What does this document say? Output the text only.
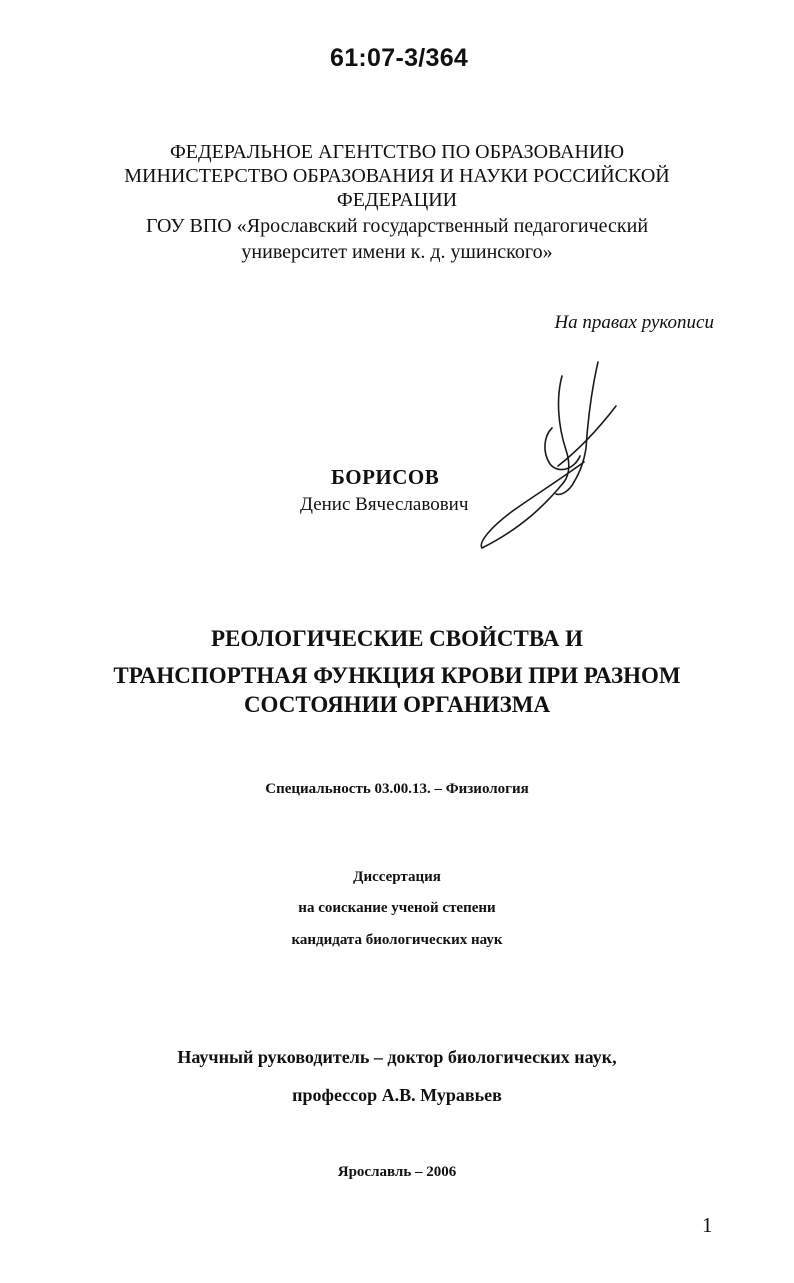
61:07-3/364
ФЕДЕРАЛЬНОЕ АГЕНТСТВО ПО ОБРАЗОВАНИЮ
МИНИСТЕРСТВО ОБРАЗОВАНИЯ И НАУКИ РОССИЙСКОЙ
ФЕДЕРАЦИИ
ГОУ ВПО «Ярославский государственный педагогический
университет имени к. д. ушинского»
На правах рукописи
БОРИСОВ
Денис Вячеславович
РЕОЛОГИЧЕСКИЕ СВОЙСТВА И
ТРАНСПОРТНАЯ ФУНКЦИЯ КРОВИ ПРИ РАЗНОМ
СОСТОЯНИИ ОРГАНИЗМА
Специальность 03.00.13. – Физиология
Диссертация
на соискание ученой степени
кандидата биологических наук
Научный руководитель – доктор биологических наук,
профессор А.В. Муравьев
Ярославль – 2006
1
